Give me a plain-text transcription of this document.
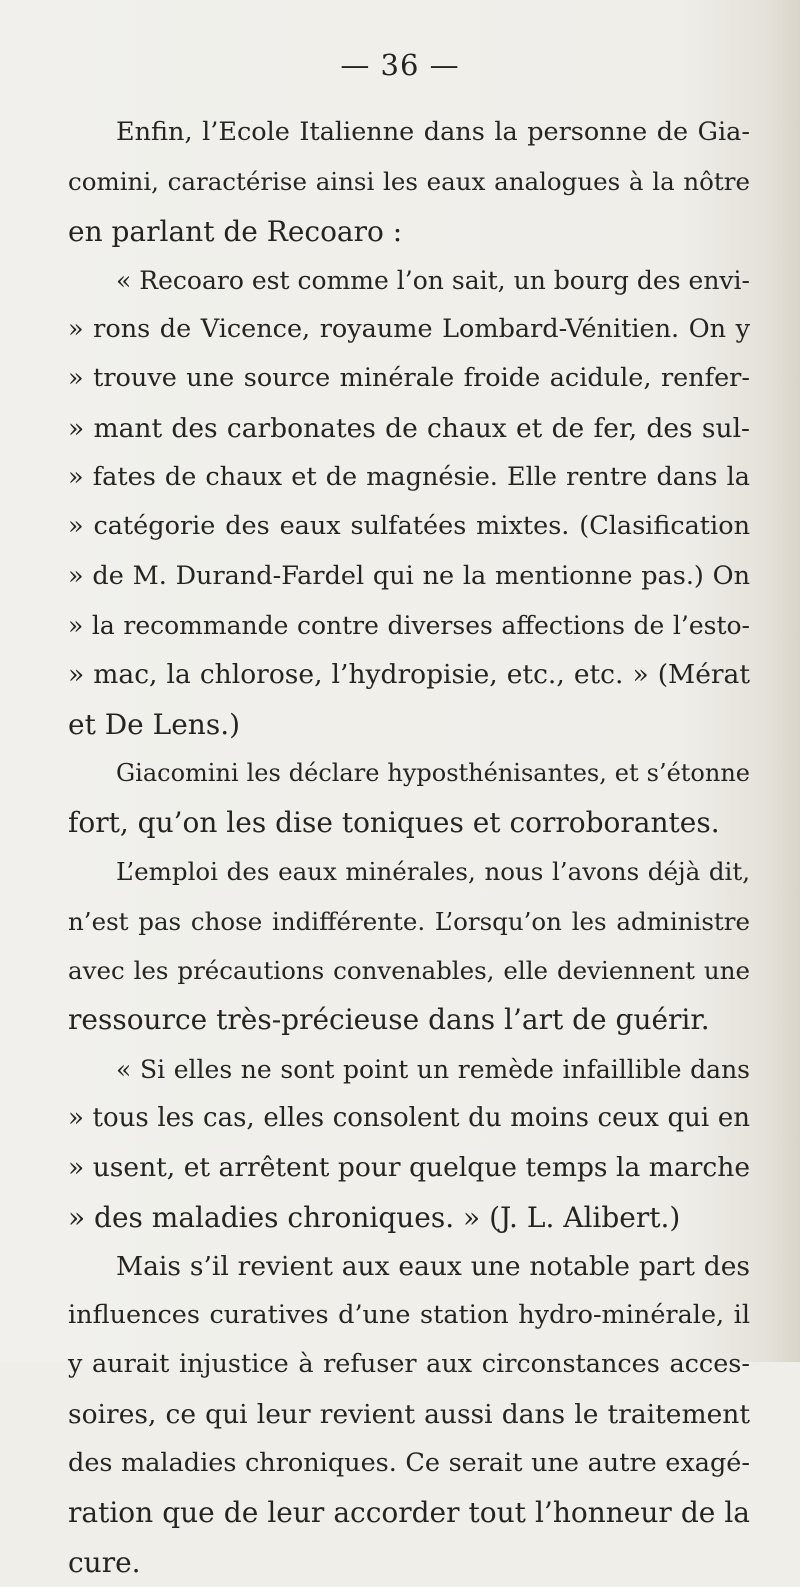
— 36 —
Enfin, l’Ecole Italienne dans la personne de Gia-
comini, caractérise ainsi les eaux analogues à la nôtre
en parlant de Recoaro :
« Recoaro est comme l’on sait, un bourg des envi-
» rons de Vicence, royaume Lombard-Vénitien. On y
» trouve une source minérale froide acidule, renfer-
» mant des carbonates de chaux et de fer, des sul-
» fates de chaux et de magnésie. Elle rentre dans la
» catégorie des eaux sulfatées mixtes. (Clasification
» de M. Durand-Fardel qui ne la mentionne pas.) On
» la recommande contre diverses affections de l’esto-
» mac, la chlorose, l’hydropisie, etc., etc. » (Mérat
et De Lens.)
Giacomini les déclare hyposthénisantes, et s’étonne
fort, qu’on les dise toniques et corroborantes.
L’emploi des eaux minérales, nous l’avons déjà dit,
n’est pas chose indifférente. L’orsqu’on les administre
avec les précautions convenables, elle deviennent une
ressource très-précieuse dans l’art de guérir.
« Si elles ne sont point un remède infaillible dans
» tous les cas, elles consolent du moins ceux qui en
» usent, et arrêtent pour quelque temps la marche
» des maladies chroniques. » (J. L. Alibert.)
Mais s’il revient aux eaux une notable part des
influences curatives d’une station hydro-minérale, il
y aurait injustice à refuser aux circonstances acces-
soires, ce qui leur revient aussi dans le traitement
des maladies chroniques. Ce serait une autre exagé-
ration que de leur accorder tout l’honneur de la
cure.
